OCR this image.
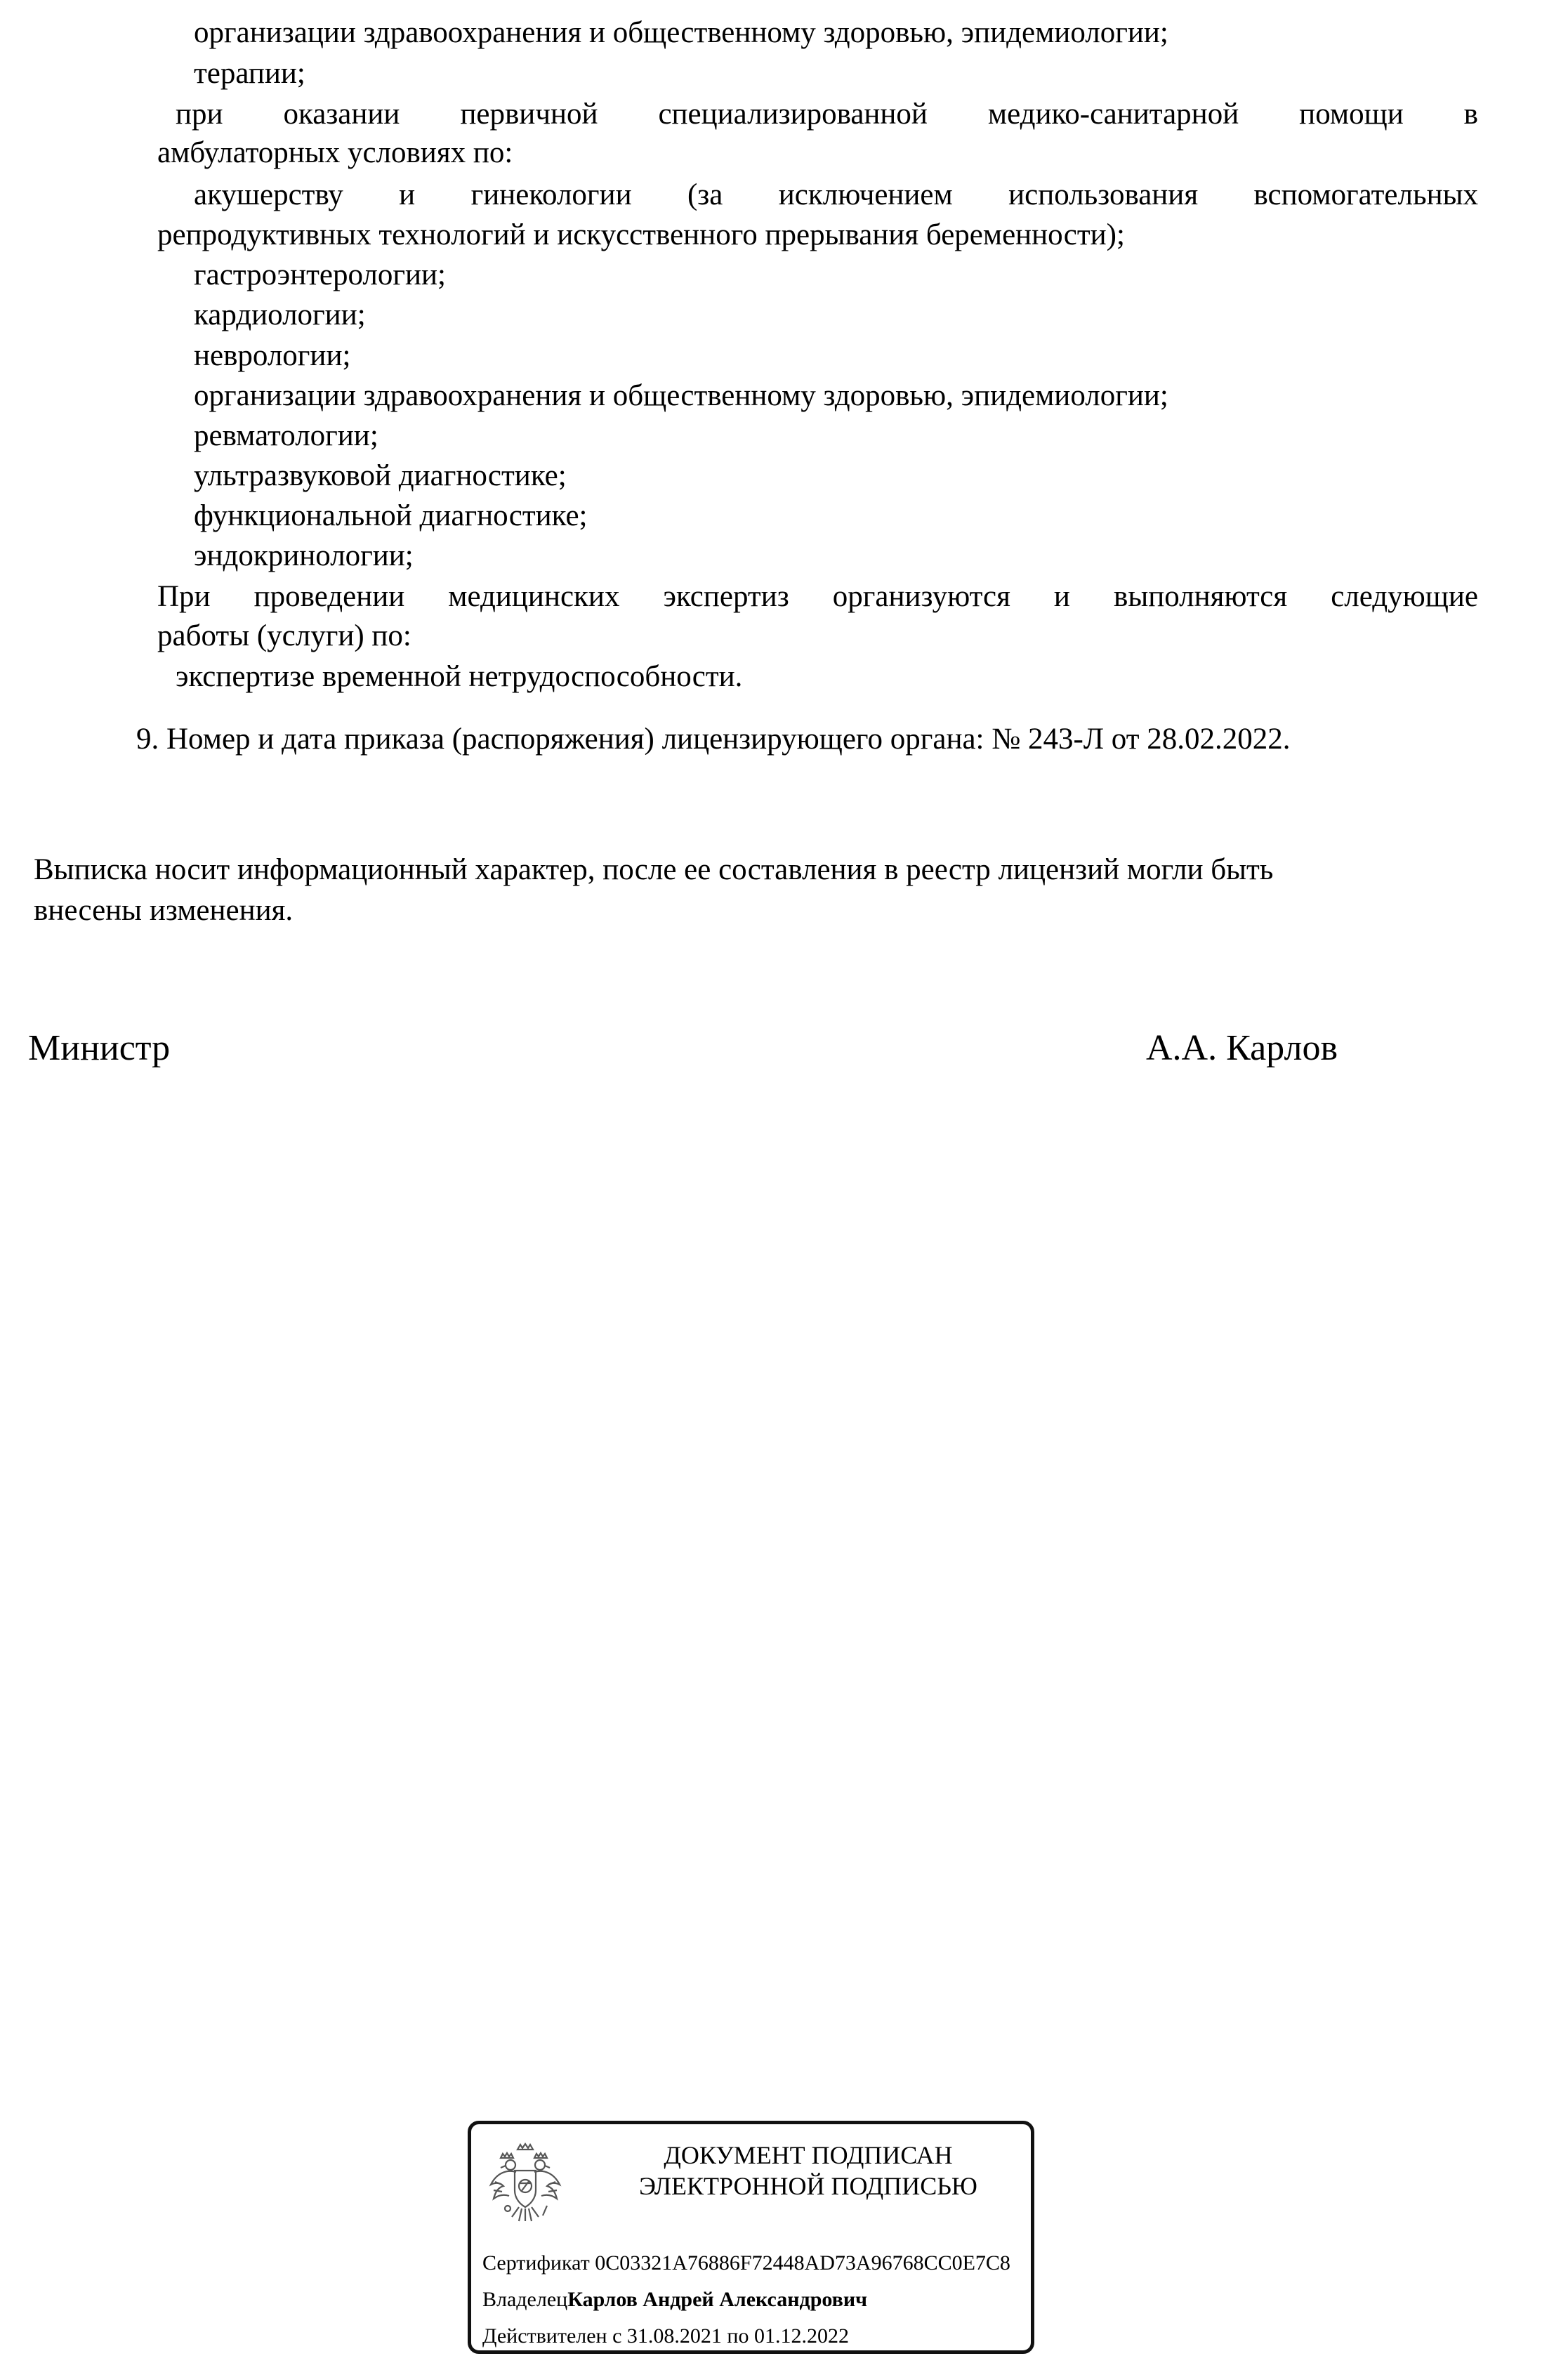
организации здравоохранения и общественному здоровью, эпидемиологии;
терапии;
при оказании первичной специализированной медико-санитарной помощи в
амбулаторных условиях по:
акушерству и гинекологии (за исключением использования вспомогательных
репродуктивных технологий и искусственного прерывания беременности);
гастроэнтерологии;
кардиологии;
неврологии;
организации здравоохранения и общественному здоровью, эпидемиологии;
ревматологии;
ультразвуковой диагностике;
функциональной диагностике;
эндокринологии;
При проведении медицинских экспертиз организуются и выполняются следующие
работы (услуги) по:
экспертизе временной нетрудоспособности.
9. Номер и дата приказа (распоряжения) лицензирующего органа: № 243-Л от 28.02.2022.
Выписка носит информационный характер, после ее составления в реестр лицензий могли быть
внесены изменения.
Министр	А.А. Карлов
ДОКУМЕНТ ПОДПИСАН
ЭЛЕКТРОННОЙ ПОДПИСЬЮ
Сертификат 0C03321A76886F72448AD73A96768CC0E7C8
ВладелецКарлов Андрей Александрович
Действителен с 31.08.2021 по 01.12.2022
